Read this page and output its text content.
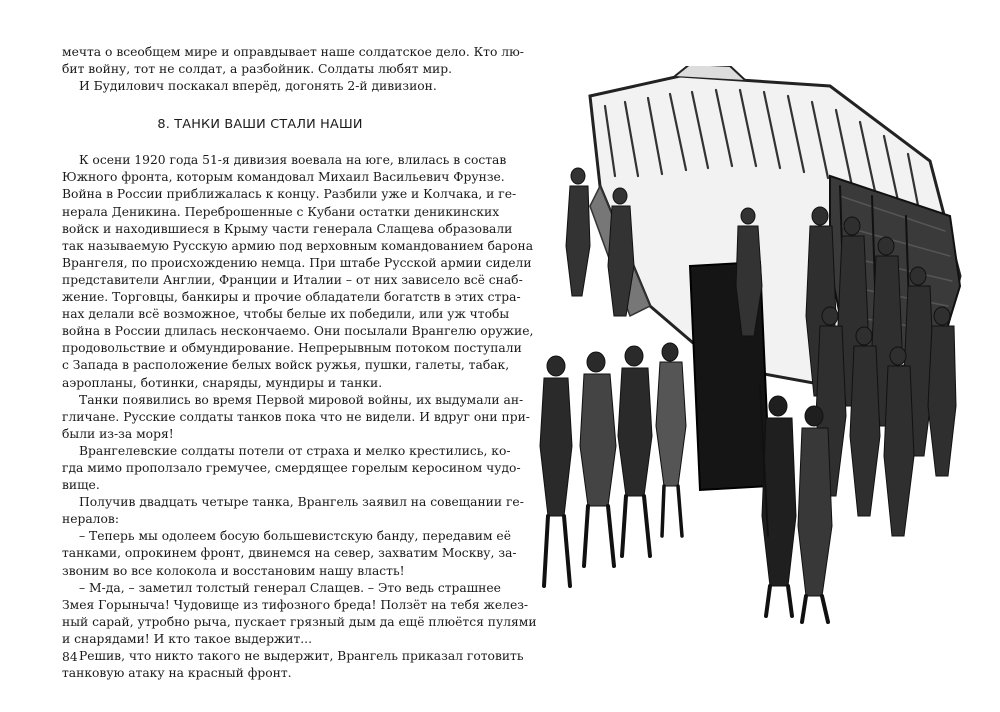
мечта о всеобщем мире и оправдывает наше солдатское дело. Кто лю-
бит войну, тот не солдат, а разбойник. Солдаты любят мир.
И Будилович поскакал вперёд, догонять 2-й дивизион.
8. ТАНКИ ВАШИ СТАЛИ НАШИ
К осени 1920 года 51-я дивизия воевала на юге, влилась в состав
Южного фронта, которым командовал Михаил Васильевич Фрунзе.
Война в России приближалась к концу. Разбили уже и Колчака, и ге-
нерала Деникина. Переброшенные с Кубани остатки деникинских
войск и находившиеся в Крыму части генерала Слащева образовали
так называемую Русскую армию под верховным командованием барона
Врангеля, по происхождению немца. При штабе Русской армии сидели
представители Англии, Франции и Италии – от них зависело всё снаб-
жение. Торговцы, банкиры и прочие обладатели богатств в этих стра-
нах делали всё возможное, чтобы белые их победили, или уж чтобы
война в России длилась нескончаемо. Они посылали Врангелю оружие,
продовольствие и обмундирование. Непрерывным потоком поступали
с Запада в расположение белых войск ружья, пушки, галеты, табак,
аэропланы, ботинки, снаряды, мундиры и танки.
Танки появились во время Первой мировой войны, их выдумали ан-
гличане. Русские солдаты танков пока что не видели. И вдруг они при-
были из-за моря!
Врангелевские солдаты потели от страха и мелко крестились, ко-
гда мимо проползало гремучее, смердящее горелым керосином чудо-
вище.
Получив двадцать четыре танка, Врангель заявил на совещании ге-
нералов:
– Теперь мы одолеем босую большевистскую банду, передавим её
танками, опрокинем фронт, двинемся на север, захватим Москву, за-
звоним во все колокола и восстановим нашу власть!
– М-да, – заметил толстый генерал Слащев. – Это ведь страшнее
Змея Горыныча! Чудовище из тифозного бреда! Ползёт на тебя желез-
ный сарай, утробно рыча, пускает грязный дым да ещё плюётся пулями
и снарядами! И кто такое выдержит...
Решив, что никто такого не выдержит, Врангель приказал готовить
танковую атаку на красный фронт.
84
